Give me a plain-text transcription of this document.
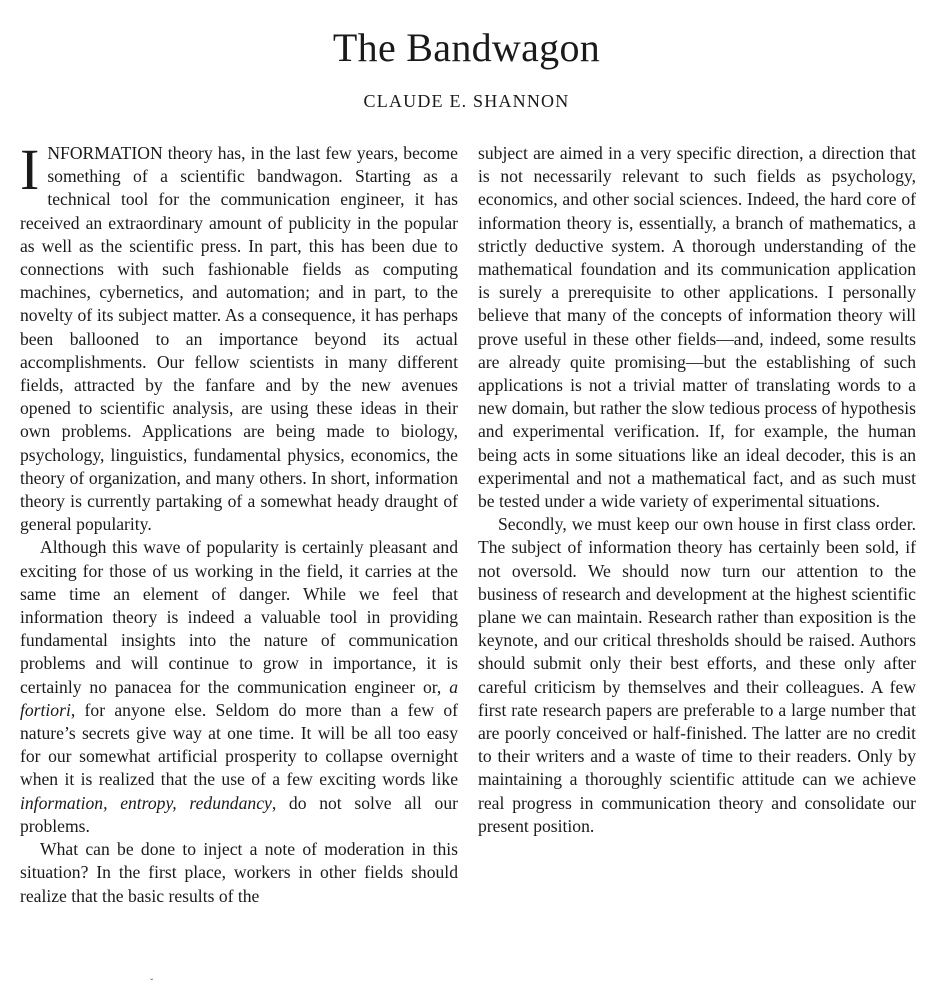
The Bandwagon
CLAUDE E. SHANNON

INFORMATION theory has, in the last few years, become something of a scientific bandwagon. Starting as a technical tool for the communication engineer, it has received an extraordinary amount of publicity in the popular as well as the scientific press. In part, this has been due to connections with such fashionable fields as computing machines, cybernetics, and automation; and in part, to the novelty of its subject matter. As a consequence, it has perhaps been ballooned to an importance beyond its actual accomplishments. Our fellow scientists in many different fields, attracted by the fanfare and by the new avenues opened to scientific analysis, are using these ideas in their own problems. Applications are being made to biology, psychology, linguistics, fundamental physics, economics, the theory of organization, and many others. In short, information theory is currently partaking of a somewhat heady draught of general popularity.

Although this wave of popularity is certainly pleasant and exciting for those of us working in the field, it carries at the same time an element of danger. While we feel that information theory is indeed a valuable tool in providing fundamental insights into the nature of communication problems and will continue to grow in importance, it is certainly no panacea for the communication engineer or, a fortiori, for anyone else. Seldom do more than a few of nature’s secrets give way at one time. It will be all too easy for our somewhat artificial prosperity to collapse overnight when it is realized that the use of a few exciting words like information, entropy, redundancy, do not solve all our problems.

What can be done to inject a note of moderation in this situation? In the first place, workers in other fields should realize that the basic results of the

subject are aimed in a very specific direction, a direction that is not necessarily relevant to such fields as psychology, economics, and other social sciences. Indeed, the hard core of information theory is, essentially, a branch of mathematics, a strictly deductive system. A thorough understanding of the mathematical foundation and its communication application is surely a prerequisite to other applications. I personally believe that many of the concepts of information theory will prove useful in these other fields—and, indeed, some results are already quite promising—but the establishing of such applications is not a trivial matter of translating words to a new domain, but rather the slow tedious process of hypothesis and experimental verification. If, for example, the human being acts in some situations like an ideal decoder, this is an experimental and not a mathematical fact, and as such must be tested under a wide variety of experimental situations.

Secondly, we must keep our own house in first class order. The subject of information theory has certainly been sold, if not oversold. We should now turn our attention to the business of research and development at the highest scientific plane we can maintain. Research rather than exposition is the keynote, and our critical thresholds should be raised. Authors should submit only their best efforts, and these only after careful criticism by themselves and their colleagues. A few first rate research papers are preferable to a large number that are poorly conceived or half-finished. The latter are no credit to their writers and a waste of time to their readers. Only by maintaining a thoroughly scientific attitude can we achieve real progress in communication theory and consolidate our present position.

ˇ
